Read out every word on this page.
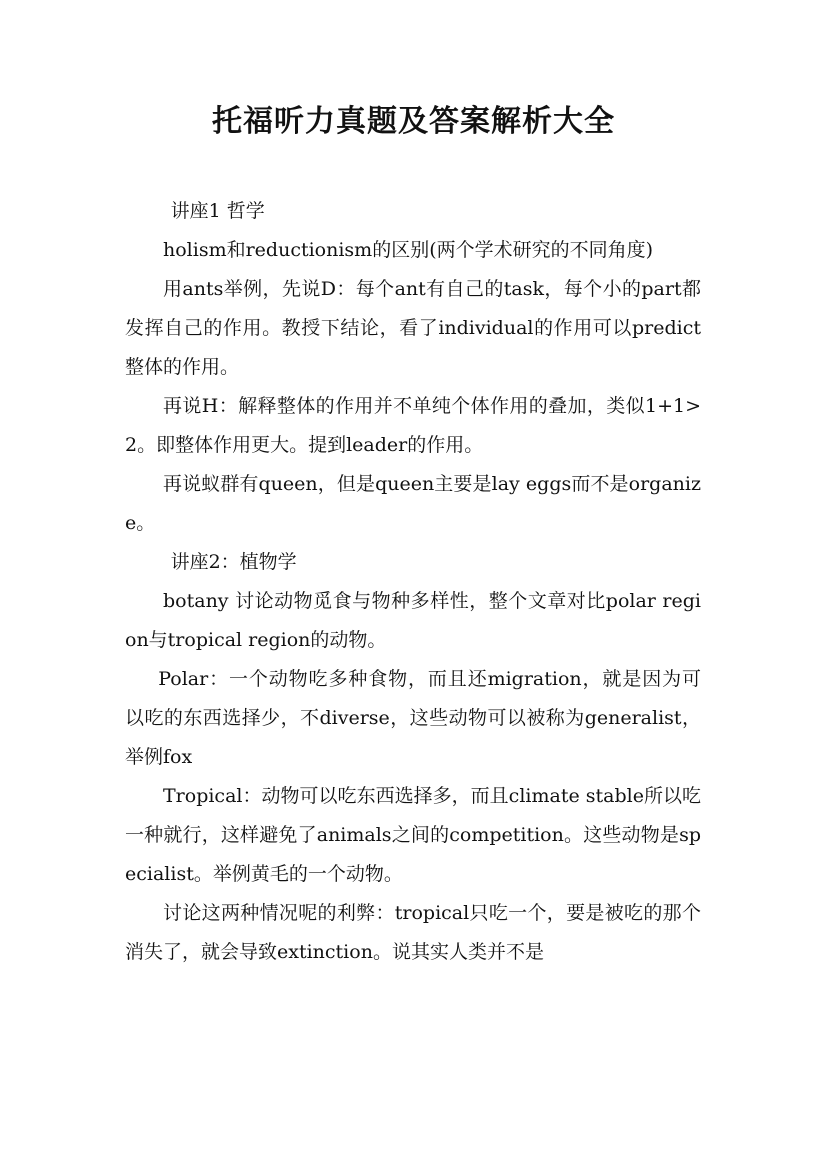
托福听力真题及答案解析大全

讲座1 哲学

holism和reductionism的区别(两个学术研究的不同角度)

用ants举例，先说D：每个ant有自己的task，每个小的part都发挥自己的作用。教授下结论，看了individual的作用可以predict整体的作用。

再说H：解释整体的作用并不单纯个体作用的叠加，类似1+1>2。即整体作用更大。提到leader的作用。

再说蚁群有queen，但是queen主要是lay eggs而不是organize。

讲座2：植物学

botany 讨论动物觅食与物种多样性，整个文章对比polar region与tropical region的动物。

Polar：一个动物吃多种食物，而且还migration，就是因为可以吃的东西选择少，不diverse，这些动物可以被称为generalist，举例fox

Tropical：动物可以吃东西选择多，而且climate stable所以吃一种就行，这样避免了animals之间的competition。这些动物是specialist。举例黄毛的一个动物。

讨论这两种情况呢的利弊：tropical只吃一个，要是被吃的那个消失了，就会导致extinction。说其实人类并不是
